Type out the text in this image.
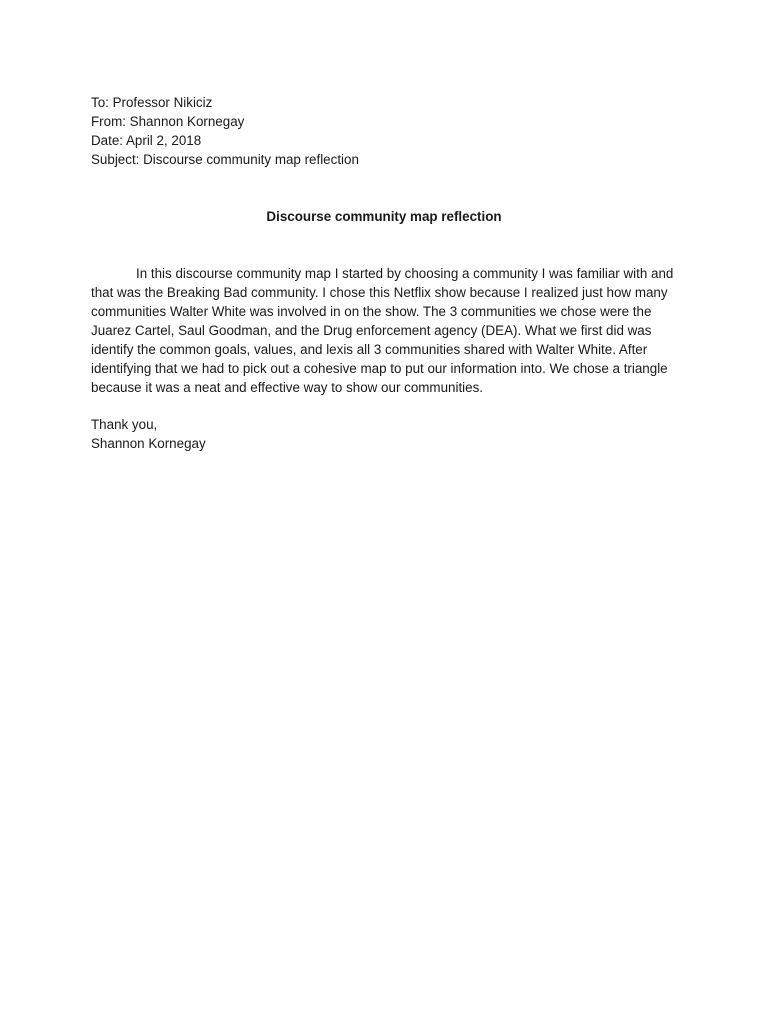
To: Professor Nikiciz
From: Shannon Kornegay
Date: April 2, 2018
Subject: Discourse community map reflection
Discourse community map reflection

In this discourse community map I started by choosing a community I was familiar with and that was the Breaking Bad community. I chose this Netflix show because I realized just how many communities Walter White was involved in on the show. The 3 communities we chose were the Juarez Cartel, Saul Goodman, and the Drug enforcement agency (DEA). What we first did was identify the common goals, values, and lexis all 3 communities shared with Walter White. After identifying that we had to pick out a cohesive map to put our information into. We chose a triangle because it was a neat and effective way to show our communities.

Thank you,
Shannon Kornegay
